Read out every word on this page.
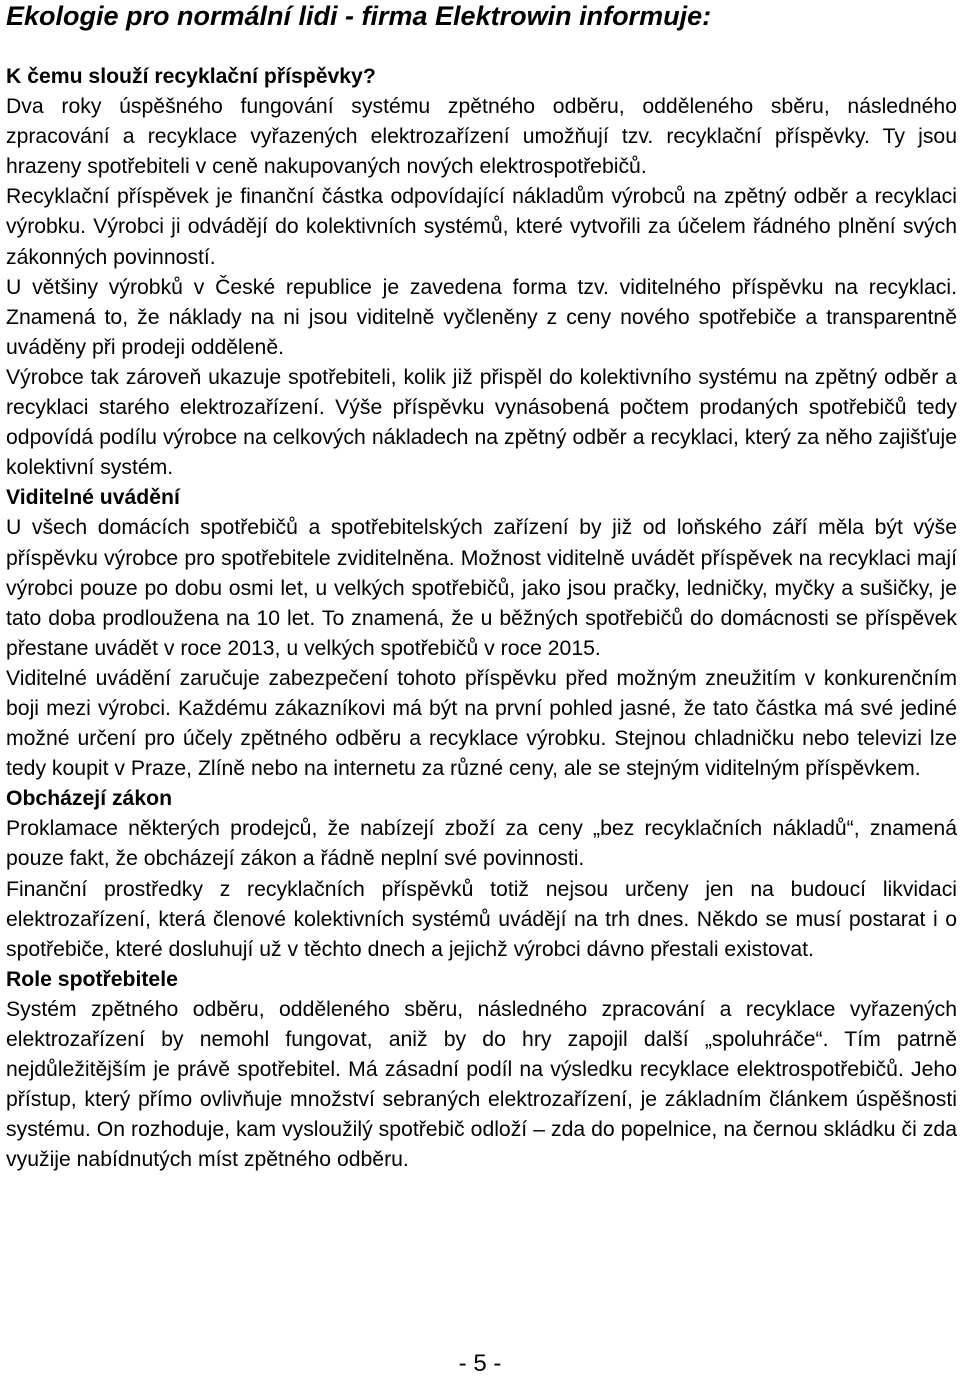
Ekologie pro normální lidi - firma Elektrowin informuje:
K čemu slouží recyklační příspěvky?

Dva roky úspěšného fungování systému zpětného odběru, odděleného sběru, následného zpracování a recyklace vyřazených elektrozařízení umožňují tzv. recyklační příspěvky. Ty jsou hrazeny spotřebiteli v ceně nakupovaných nových elektrospotřebičů.

Recyklační příspěvek je finanční částka odpovídající nákladům výrobců na zpětný odběr a recyklaci výrobku. Výrobci ji odvádějí do kolektivních systémů, které vytvořili za účelem řádného plnění svých zákonných povinností.

U většiny výrobků v České republice je zavedena forma tzv. viditelného příspěvku na recyklaci. Znamená to, že náklady na ni jsou viditelně vyčleněny z ceny nového spotřebiče a transparentně uváděny při prodeji odděleně.

Výrobce tak zároveň ukazuje spotřebiteli, kolik již přispěl do kolektivního systému na zpětný odběr a recyklaci starého elektrozařízení. Výše příspěvku vynásobená počtem prodaných spotřebičů tedy odpovídá podílu výrobce na celkových nákladech na zpětný odběr a recyklaci, který za něho zajišťuje kolektivní systém.

Viditelné uvádění

U všech domácích spotřebičů a spotřebitelských zařízení by již od loňského září měla být výše příspěvku výrobce pro spotřebitele zviditelněna. Možnost viditelně uvádět příspěvek na recyklaci mají výrobci pouze po dobu osmi let, u velkých spotřebičů, jako jsou pračky, ledničky, myčky a sušičky, je tato doba prodloužena na 10 let. To znamená, že u běžných spotřebičů do domácnosti se příspěvek přestane uvádět v roce 2013, u velkých spotřebičů v roce 2015.

Viditelné uvádění zaručuje zabezpečení tohoto příspěvku před možným zneužitím v konkurenčním boji mezi výrobci. Každému zákazníkovi má být na první pohled jasné, že tato částka má své jediné možné určení pro účely zpětného odběru a recyklace výrobku. Stejnou chladničku nebo televizi lze tedy koupit v Praze, Zlíně nebo na internetu za různé ceny, ale se stejným viditelným příspěvkem.

Obcházejí zákon

Proklamace některých prodejců, že nabízejí zboží za ceny „bez recyklačních nákladů“, znamená pouze fakt, že obcházejí zákon a řádně neplní své povinnosti.

Finanční prostředky z recyklačních příspěvků totiž nejsou určeny jen na budoucí likvidaci elektrozařízení, která členové kolektivních systémů uvádějí na trh dnes. Někdo se musí postarat i o spotřebiče, které dosluhují už v těchto dnech a jejichž výrobci dávno přestali existovat.

Role spotřebitele

Systém zpětného odběru, odděleného sběru, následného zpracování a recyklace vyřazených elektrozařízení by nemohl fungovat, aniž by do hry zapojil další „spoluhráče“. Tím patrně nejdůležitějším je právě spotřebitel. Má zásadní podíl na výsledku recyklace elektrospotřebičů. Jeho přístup, který přímo ovlivňuje množství sebraných elektrozařízení, je základním článkem úspěšnosti systému. On rozhoduje, kam vysloužilý spotřebič odloží – zda do popelnice, na černou skládku či zda využije nabídnutých míst zpětného odběru.

- 5 -
